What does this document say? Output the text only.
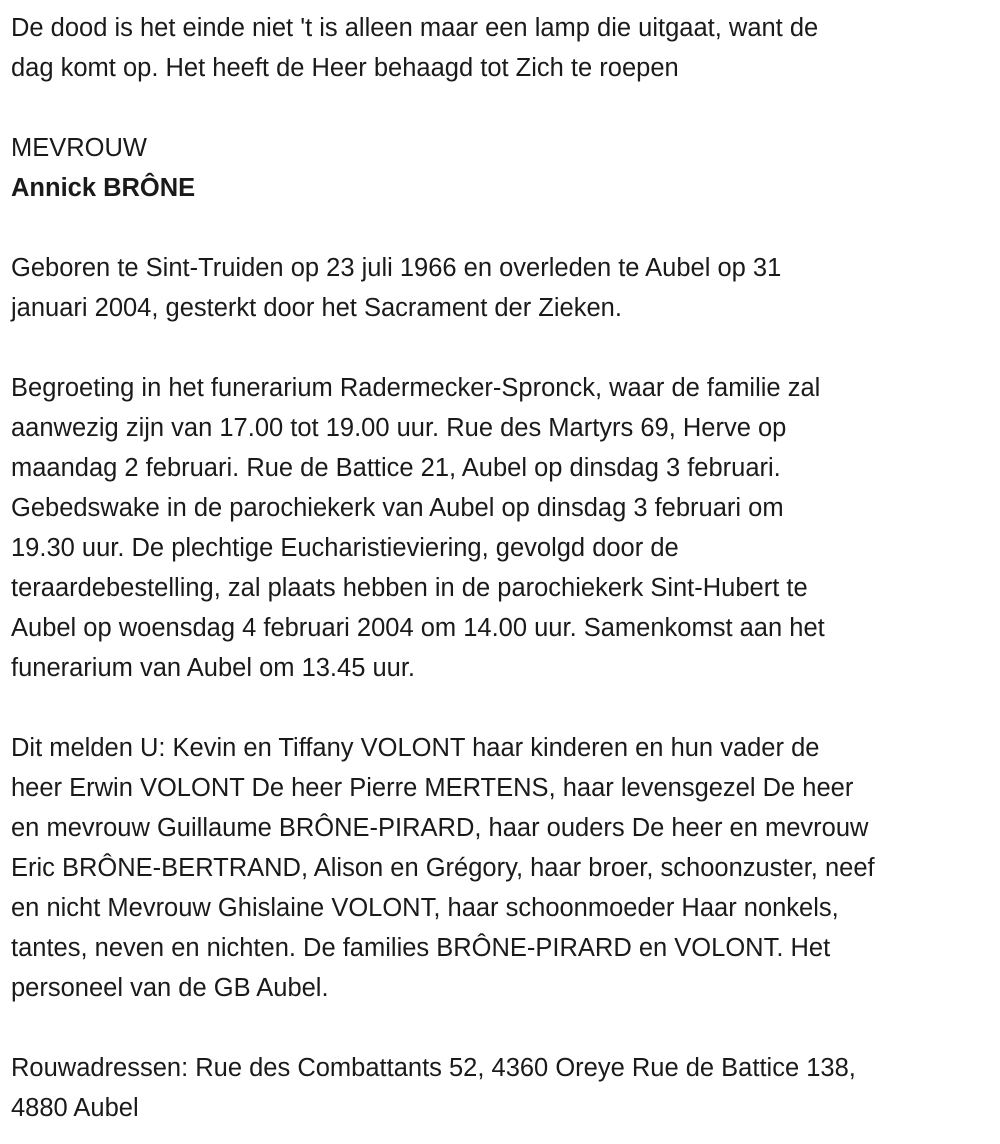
De dood is het einde niet 't is alleen maar een lamp die uitgaat, want de
dag komt op. Het heeft de Heer behaagd tot Zich te roepen
MEVROUW
Annick BRÔNE
Geboren te Sint-Truiden op 23 juli 1966 en overleden te Aubel op 31
januari 2004, gesterkt door het Sacrament der Zieken.
Begroeting in het funerarium Radermecker-Spronck, waar de familie zal
aanwezig zijn van 17.00 tot 19.00 uur. Rue des Martyrs 69, Herve op
maandag 2 februari. Rue de Battice 21, Aubel op dinsdag 3 februari.
Gebedswake in de parochiekerk van Aubel op dinsdag 3 februari om
19.30 uur. De plechtige Eucharistieviering, gevolgd door de
teraardebestelling, zal plaats hebben in de parochiekerk Sint-Hubert te
Aubel op woensdag 4 februari 2004 om 14.00 uur. Samenkomst aan het
funerarium van Aubel om 13.45 uur.
Dit melden U: Kevin en Tiffany VOLONT haar kinderen en hun vader de
heer Erwin VOLONT De heer Pierre MERTENS, haar levensgezel De heer
en mevrouw Guillaume BRÔNE-PIRARD, haar ouders De heer en mevrouw
Eric BRÔNE-BERTRAND, Alison en Grégory, haar broer, schoonzuster, neef
en nicht Mevrouw Ghislaine VOLONT, haar schoonmoeder Haar nonkels,
tantes, neven en nichten. De families BRÔNE-PIRARD en VOLONT. Het
personeel van de GB Aubel.
Rouwadressen: Rue des Combattants 52, 4360 Oreye Rue de Battice 138,
4880 Aubel
